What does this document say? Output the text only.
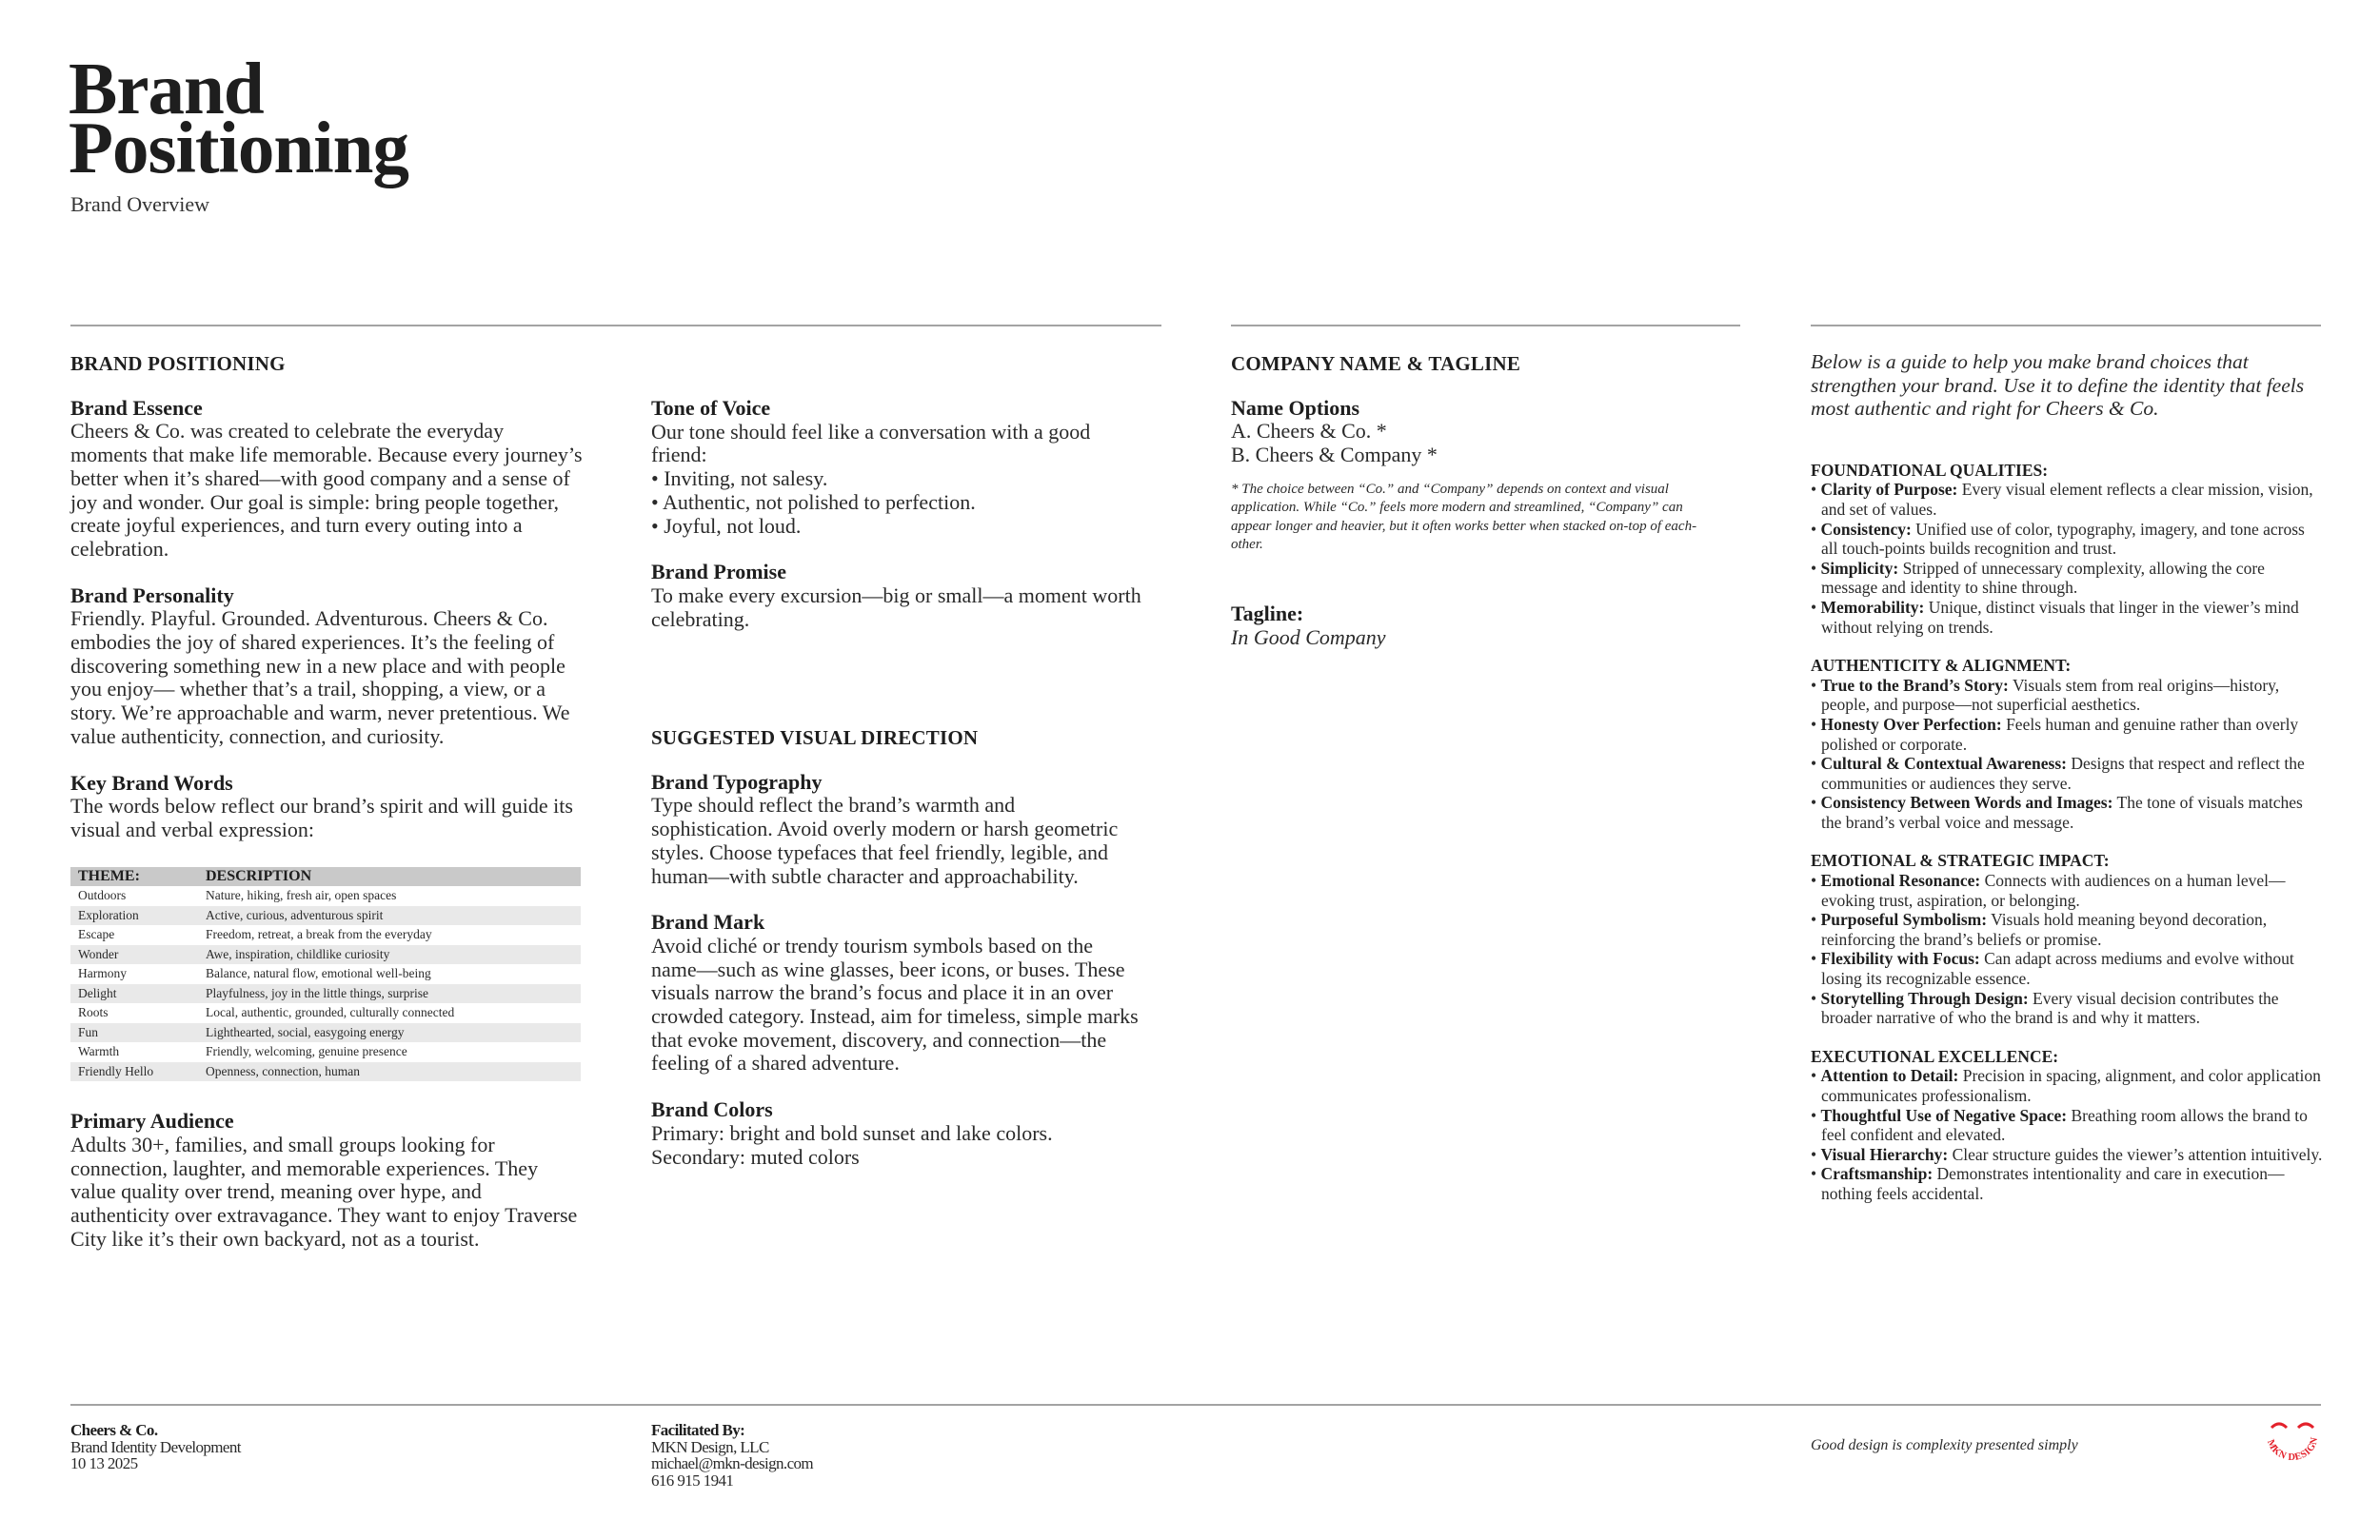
Brand
Positioning
Brand Overview
BRAND POSITIONING
Brand Essence

Cheers & Co. was created to celebrate the everyday moments that make life memorable. Because every journey’s better when it’s shared—with good company and a sense of joy and wonder. Our goal is simple: bring people together, create joyful experiences, and turn every outing into a celebration.

Brand Personality

Friendly. Playful. Grounded. Adventurous. Cheers & Co. embodies the joy of shared experiences. It’s the feeling of discovering something new in a new place and with people you enjoy— whether that’s a trail, shopping, a view, or a story. We’re approachable and warm, never pretentious. We value authenticity, connection, and curiosity.

Key Brand Words

The words below reflect our brand’s spirit and will guide its visual and verbal expression:

THEME:	DESCRIPTION
Outdoors	Nature, hiking, fresh air, open spaces
Exploration	Active, curious, adventurous spirit
Escape	Freedom, retreat, a break from the everyday
Wonder	Awe, inspiration, childlike curiosity
Harmony	Balance, natural flow, emotional well-being
Delight	Playfulness, joy in the little things, surprise
Roots	Local, authentic, grounded, culturally connected
Fun	Lighthearted, social, easygoing energy
Warmth	Friendly, welcoming, genuine presence
Friendly Hello	Openness, connection, human
Primary Audience

Adults 30+, families, and small groups looking for connection, laughter, and memorable experiences. They value quality over trend, meaning over hype, and authenticity over extravagance. They want to enjoy Traverse City like it’s their own backyard, not as a tourist.

Tone of Voice

Our tone should feel like a conversation with a good friend:

• Inviting, not salesy.

• Authentic, not polished to perfection.

• Joyful, not loud.

Brand Promise

To make every excursion—big or small—a moment worth celebrating.

SUGGESTED VISUAL DIRECTION
Brand Typography

Type should reflect the brand’s warmth and sophistication. Avoid overly modern or harsh geometric styles. Choose typefaces that feel friendly, legible, and human—with subtle character and approachability.

Brand Mark

Avoid cliché or trendy tourism symbols based on the name—such as wine glasses, beer icons, or buses. These visuals narrow the brand’s focus and place it in an over crowded category. Instead, aim for timeless, simple marks that evoke movement, discovery, and connection—the feeling of a shared adventure.

Brand Colors

Primary: bright and bold sunset and lake colors.

Secondary: muted colors

COMPANY NAME & TAGLINE
Name Options

A. Cheers & Co. *

B. Cheers & Company *

* The choice between “Co.” and “Company” depends on context and visual application. While “Co.” feels more modern and streamlined, “Company” can appear longer and heavier, but it often works better when stacked on-top of each-other.

Tagline:

In Good Company

Below is a guide to help you make brand choices that strengthen your brand. Use it to define the identity that feels most authentic and right for Cheers & Co.

FOUNDATIONAL QUALITIES:
• Clarity of Purpose: Every visual element reflects a clear mission, vision, and set of values.
• Consistency: Unified use of color, typography, imagery, and tone across all touch-points builds recognition and trust.
• Simplicity: Stripped of unnecessary complexity, allowing the core message and identity to shine through.
• Memorability: Unique, distinct visuals that linger in the viewer’s mind without relying on trends.
AUTHENTICITY & ALIGNMENT:
• True to the Brand’s Story: Visuals stem from real origins—history, people, and purpose—not superficial aesthetics.
• Honesty Over Perfection: Feels human and genuine rather than overly polished or corporate.
• Cultural & Contextual Awareness: Designs that respect and reflect the communities or audiences they serve.
• Consistency Between Words and Images: The tone of visuals matches the brand’s verbal voice and message.
EMOTIONAL & STRATEGIC IMPACT:
• Emotional Resonance: Connects with audiences on a human level— evoking trust, aspiration, or belonging.
• Purposeful Symbolism: Visuals hold meaning beyond decoration, reinforcing the brand’s beliefs or promise.
• Flexibility with Focus: Can adapt across mediums and evolve without losing its recognizable essence.
• Storytelling Through Design: Every visual decision contributes the broader narrative of who the brand is and why it matters.
EXECUTIONAL EXCELLENCE:
• Attention to Detail: Precision in spacing, alignment, and color application communicates professionalism.
• Thoughtful Use of Negative Space: Breathing room allows the brand to feel confident and elevated.
• Visual Hierarchy: Clear structure guides the viewer’s attention intuitively.
• Craftsmanship: Demonstrates intentionality and care in execution—nothing feels accidental.
Cheers & Co.
Brand Identity Development
10 13 2025
Facilitated By:
MKN Design, LLC
michael@mkn-design.com
616 915 1941
Good design is complexity presented simply	MKN DESIGN
